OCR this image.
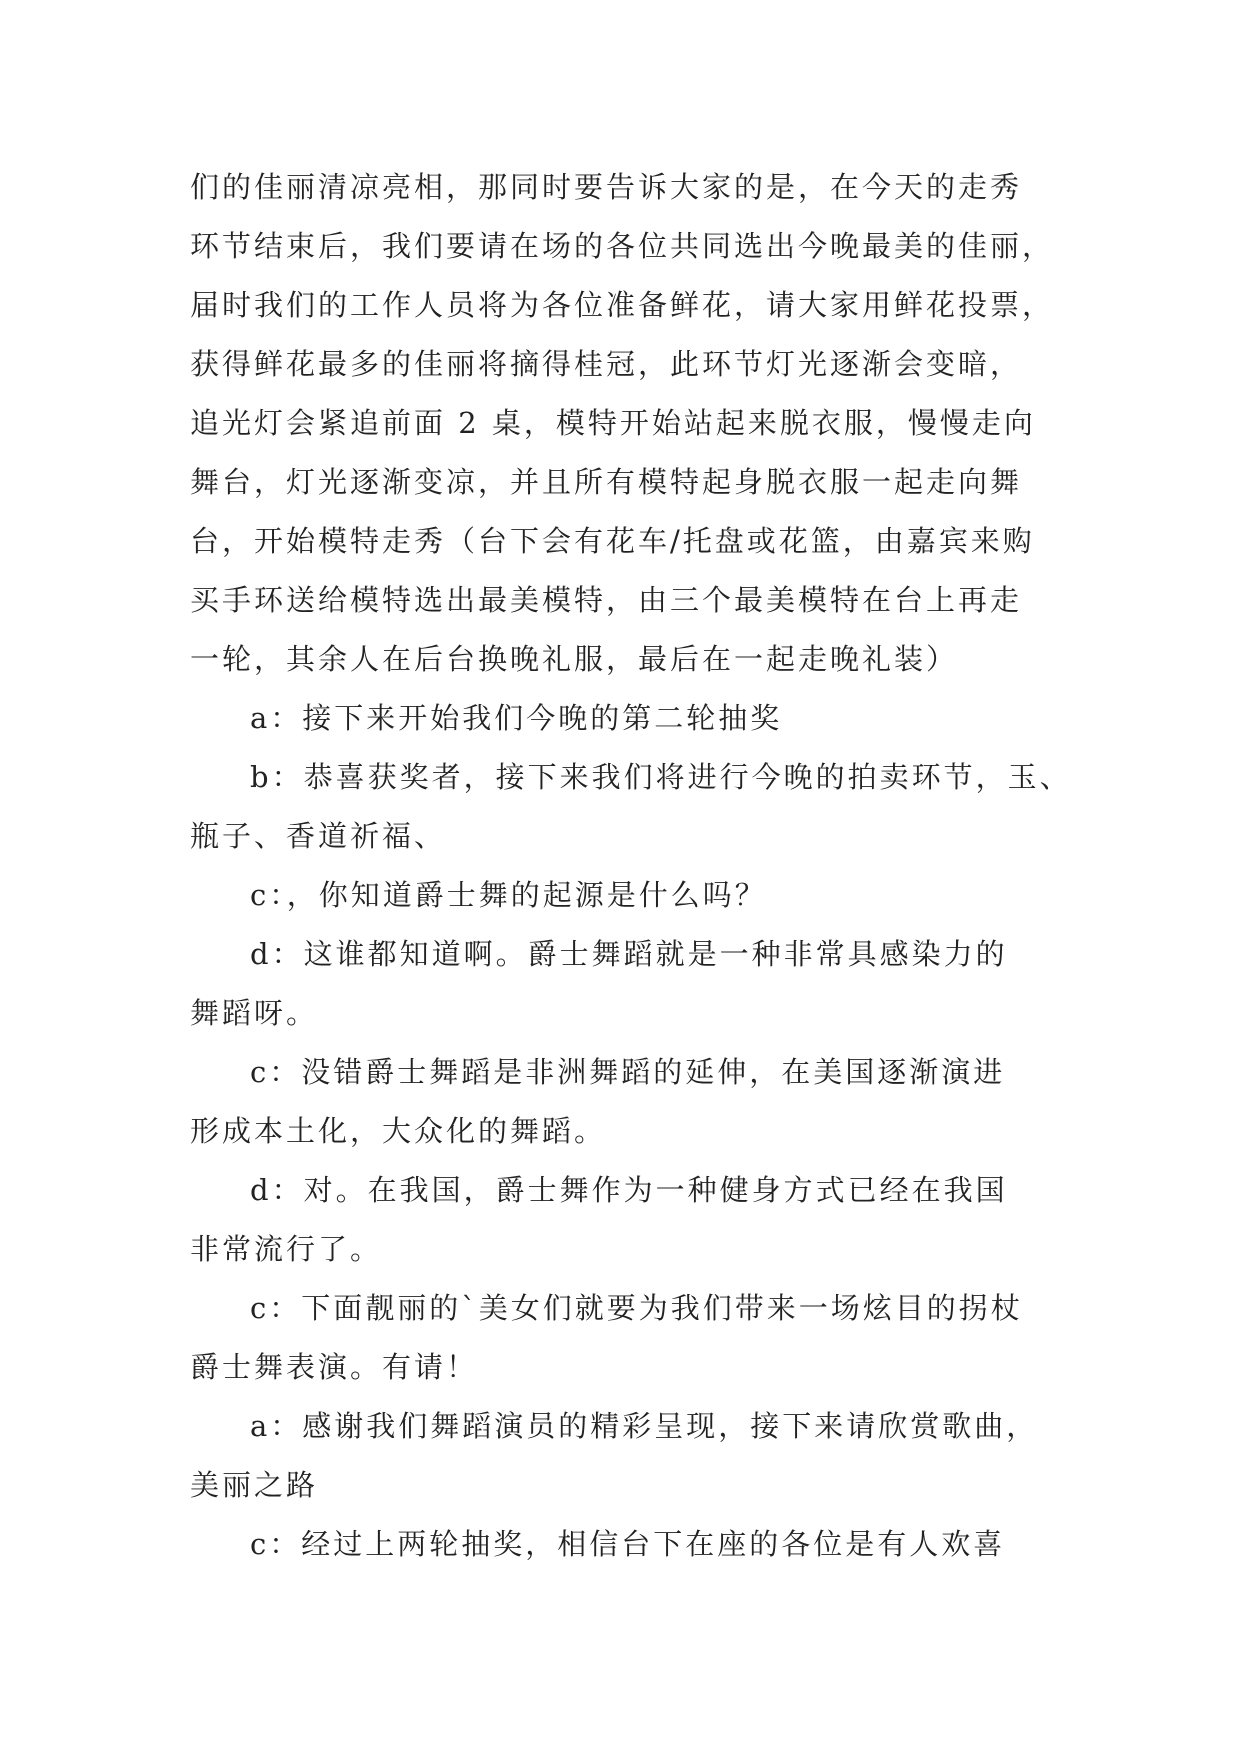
们的佳丽清凉亮相，那同时要告诉大家的是，在今天的走秀
环节结束后，我们要请在场的各位共同选出今晚最美的佳丽，
届时我们的工作人员将为各位准备鲜花，请大家用鲜花投票，
获得鲜花最多的佳丽将摘得桂冠，此环节灯光逐渐会变暗，
追光灯会紧追前面 2 桌，模特开始站起来脱衣服，慢慢走向
舞台，灯光逐渐变凉，并且所有模特起身脱衣服一起走向舞
台，开始模特走秀（台下会有花车/托盘或花篮，由嘉宾来购
买手环送给模特选出最美模特，由三个最美模特在台上再走
一轮，其余人在后台换晚礼服，最后在一起走晚礼装）
a：接下来开始我们今晚的第二轮抽奖
b：恭喜获奖者，接下来我们将进行今晚的拍卖环节，玉、
瓶子、香道祈福、
c：，你知道爵士舞的起源是什么吗？
d：这谁都知道啊。爵士舞蹈就是一种非常具感染力的
舞蹈呀。
c：没错爵士舞蹈是非洲舞蹈的延伸，在美国逐渐演进
形成本土化，大众化的舞蹈。
d：对。在我国，爵士舞作为一种健身方式已经在我国
非常流行了。
c：下面靓丽的`美女们就要为我们带来一场炫目的拐杖
爵士舞表演。有请！
a：感谢我们舞蹈演员的精彩呈现，接下来请欣赏歌曲，
美丽之路
c：经过上两轮抽奖，相信台下在座的各位是有人欢喜
